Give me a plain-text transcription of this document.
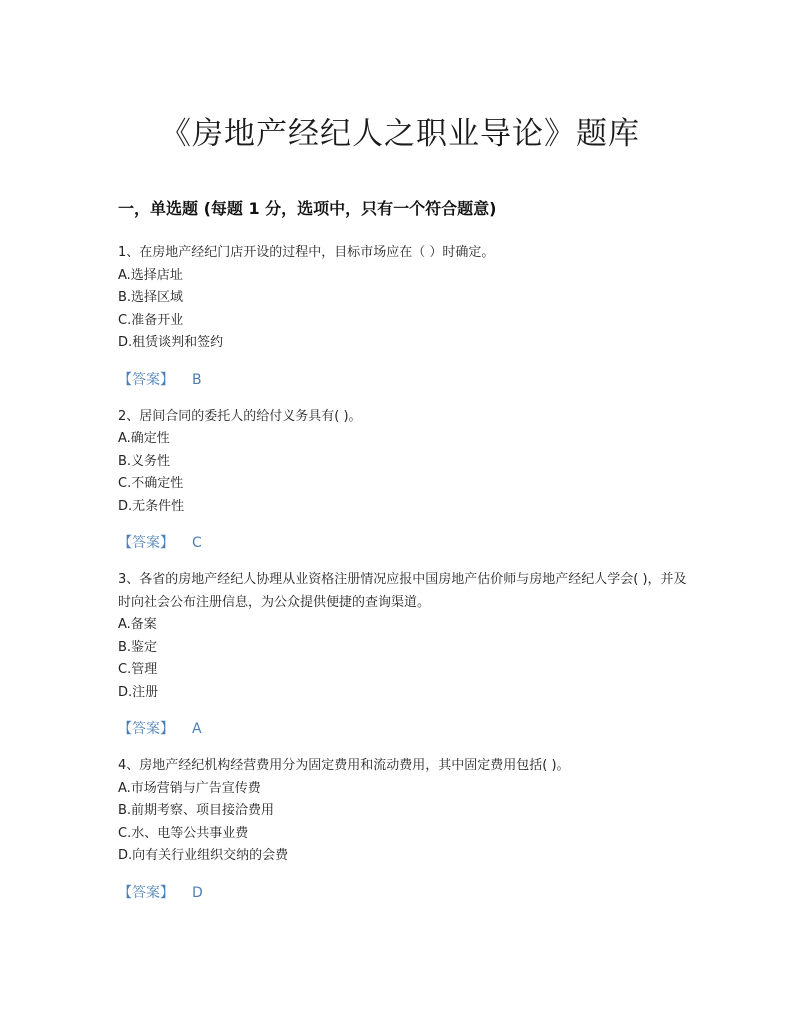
《房地产经纪人之职业导论》题库
一，单选题 (每题 1 分，选项中，只有一个符合题意)

1、在房地产经纪门店开设的过程中，目标市场应在（ ）时确定。

A.选择店址

B.选择区域

C.准备开业

D.租赁谈判和签约

【答案】 B

2、居间合同的委托人的给付义务具有( )。

A.确定性

B.义务性

C.不确定性

D.无条件性

【答案】 C

3、各省的房地产经纪人协理从业资格注册情况应报中国房地产估价师与房地产经纪人学会( )，并及时向社会公布注册信息，为公众提供便捷的查询渠道。

A.备案

B.鉴定

C.管理

D.注册

【答案】 A

4、房地产经纪机构经营费用分为固定费用和流动费用，其中固定费用包括( )。

A.市场营销与广告宣传费

B.前期考察、项目接洽费用

C.水、电等公共事业费

D.向有关行业组织交纳的会费

【答案】 D
